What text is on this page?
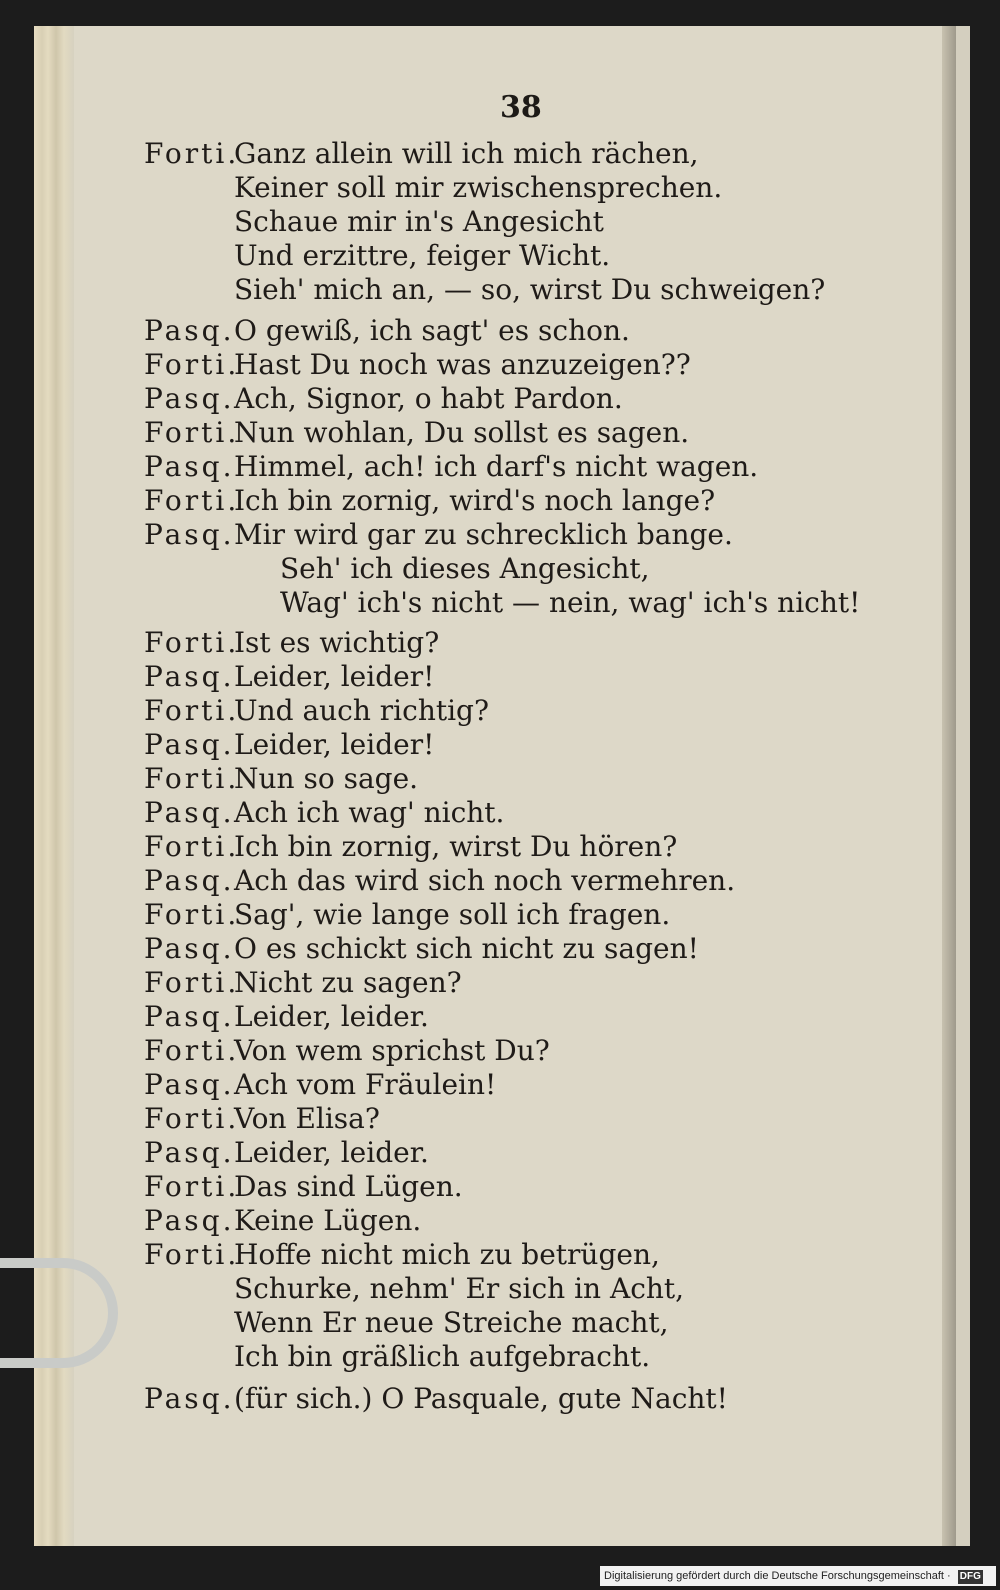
38
Forti.
Ganz allein will ich mich rächen,
Keiner soll mir zwischensprechen.
Schaue mir in's Angesicht
Und erzittre, feiger Wicht.
Sieh' mich an, — so, wirst Du schweigen?
Pasq. O gewiß, ich sagt' es schon.
Forti.
Hast Du noch was anzuzeigen??
Pasq. Ach, Signor, o habt Pardon.
Forti.
Nun wohlan, Du sollst es sagen.
Pasq. Himmel, ach! ich darf's nicht wagen.
Forti.
Ich bin zornig, wird's noch lange?
Pasq. Mir wird gar zu schrecklich bange.
Seh' ich dieses Angesicht,
Wag' ich's nicht — nein, wag' ich's nicht!
Forti.
Ist es wichtig?
Pasq. Leider, leider!
Forti.
Und auch richtig?
Pasq. Leider, leider!
Forti.
Nun so sage.
Pasq. Ach ich wag' nicht.
Forti.
Ich bin zornig, wirst Du hören?
Pasq. Ach das wird sich noch vermehren.
Forti.
Sag', wie lange soll ich fragen.
Pasq. O es schickt sich nicht zu sagen!
Forti.
Nicht zu sagen?
Pasq. Leider, leider.
Forti.
Von wem sprichst Du?
Pasq. Ach vom Fräulein!
Forti.
Von Elisa?
Pasq. Leider, leider.
Forti.
Das sind Lügen.
Pasq. Keine Lügen.
Forti.
Hoffe nicht mich zu betrügen,
Schurke, nehm' Er sich in Acht,
Wenn Er neue Streiche macht,
Ich bin gräßlich aufgebracht.
Pasq. (für sich.) O Pasquale, gute Nacht!
Digitalisierung gefördert durch die Deutsche Forschungsgemeinschaft · DFG
